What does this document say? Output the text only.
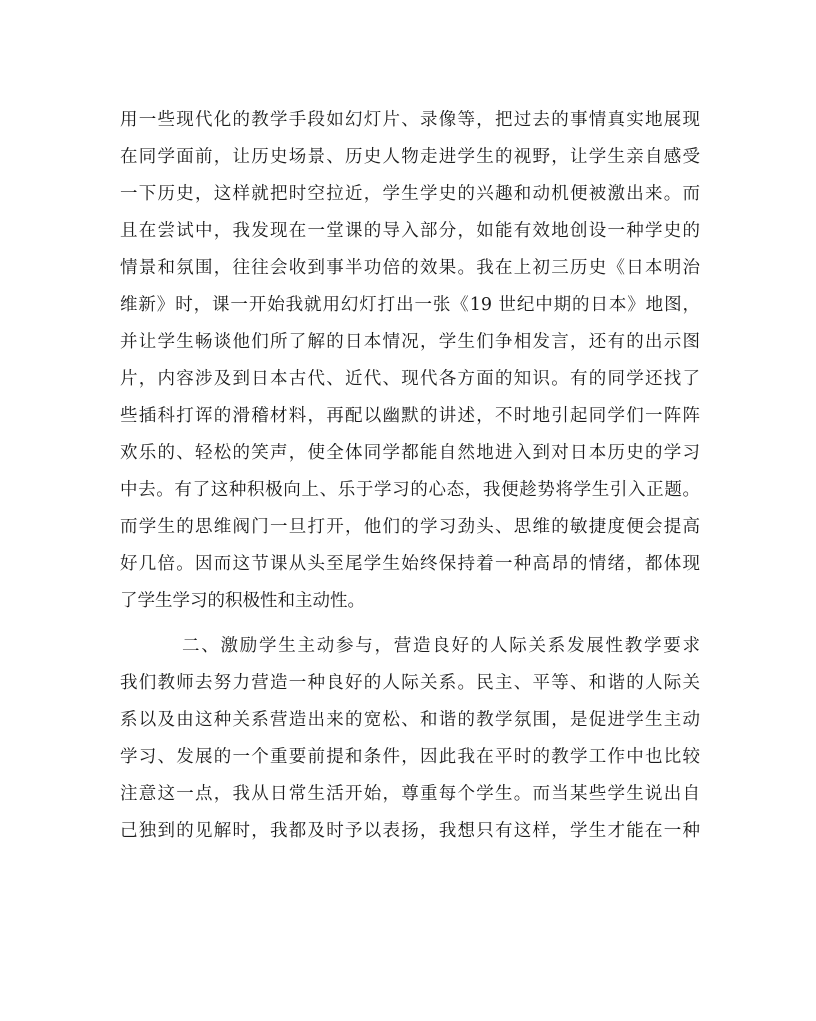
用一些现代化的教学手段如幻灯片、录像等，把过去的事情真实地展现
在同学面前，让历史场景、历史人物走进学生的视野，让学生亲自感受
一下历史，这样就把时空拉近，学生学史的兴趣和动机便被激出来。而
且在尝试中，我发现在一堂课的导入部分，如能有效地创设一种学史的
情景和氛围，往往会收到事半功倍的效果。我在上初三历史《日本明治
维新》时，课一开始我就用幻灯打出一张《19 世纪中期的日本》地图，
并让学生畅谈他们所了解的日本情况，学生们争相发言，还有的出示图
片，内容涉及到日本古代、近代、现代各方面的知识。有的同学还找了
些插科打诨的滑稽材料，再配以幽默的讲述，不时地引起同学们一阵阵
欢乐的、轻松的笑声，使全体同学都能自然地进入到对日本历史的学习
中去。有了这种积极向上、乐于学习的心态，我便趁势将学生引入正题。
而学生的思维阀门一旦打开，他们的学习劲头、思维的敏捷度便会提高
好几倍。因而这节课从头至尾学生始终保持着一种高昂的情绪，都体现
了学生学习的积极性和主动性。
二、激励学生主动参与，营造良好的人际关系发展性教学要求
我们教师去努力营造一种良好的人际关系。民主、平等、和谐的人际关
系以及由这种关系营造出来的宽松、和谐的教学氛围，是促进学生主动
学习、发展的一个重要前提和条件，因此我在平时的教学工作中也比较
注意这一点，我从日常生活开始，尊重每个学生。而当某些学生说出自
己独到的见解时，我都及时予以表扬，我想只有这样，学生才能在一种
